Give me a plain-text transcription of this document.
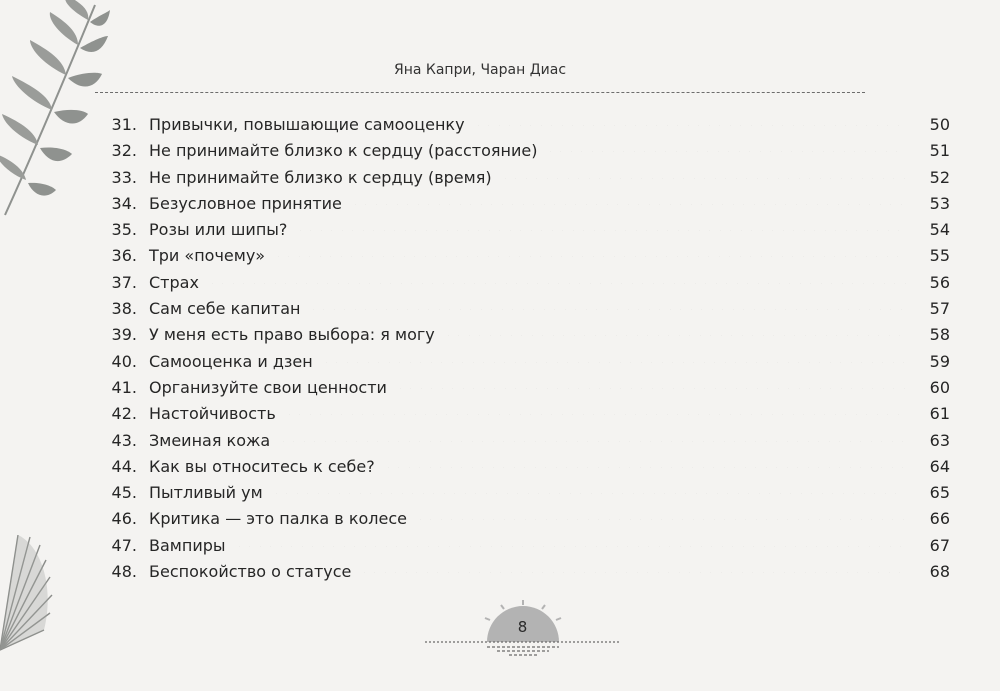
Яна Капри, Чаран Диас
31. Привычки, повышающие самооценку	50
32. Не принимайте близко к сердцу (расстояние)	51
33. Не принимайте близко к сердцу (время)	52
34. Безусловное принятие	53
35. Розы или шипы?	54
36. Три «почему»	55
37. Страх	56
38. Сам себе капитан	57
39. У меня есть право выбора: я могу	58
40. Самооценка и дзен	59
41. Организуйте свои ценности	60
42. Настойчивость	61
43. Змеиная кожа	63
44. Как вы относитесь к себе?	64
45. Пытливый ум	65
46. Критика — это палка в колесе	66
47. Вампиры	67
48. Беспокойство о статусе	68
8
